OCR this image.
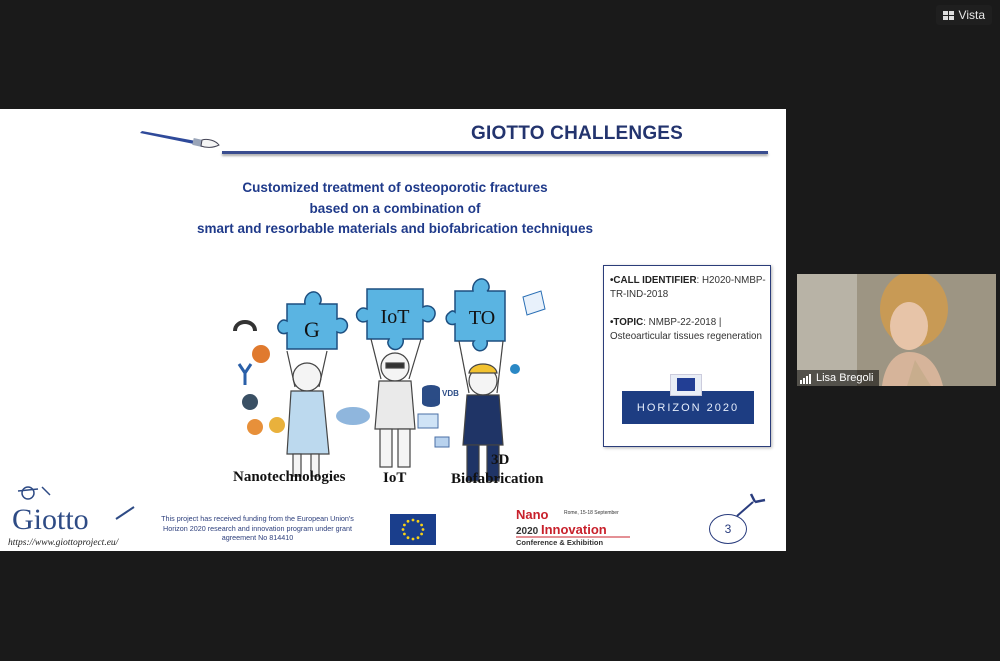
Vista
GIOTTO CHALLENGES
Customized treatment of osteoporotic fractures
based on a combination of
smart and resorbable materials and biofabrication techniques
G	IoT	TO
VDB
Nanotechnologies	IoT
3D
Biofabrication
•CALL IDENTIFIER: H2020-NMBP-TR-IND-2018
•TOPIC: NMBP-22-2018 | Osteoarticular tissues regeneration
HORIZON 2020
Giotto
https://www.giottoproject.eu/
This project has received funding from the European Union's Horizon 2020 research and innovation program under grant agreement No 814410
Nano	Rome, 15-18 September
2020 Innovation
Conference & Exhibition
3
Lisa Bregoli
